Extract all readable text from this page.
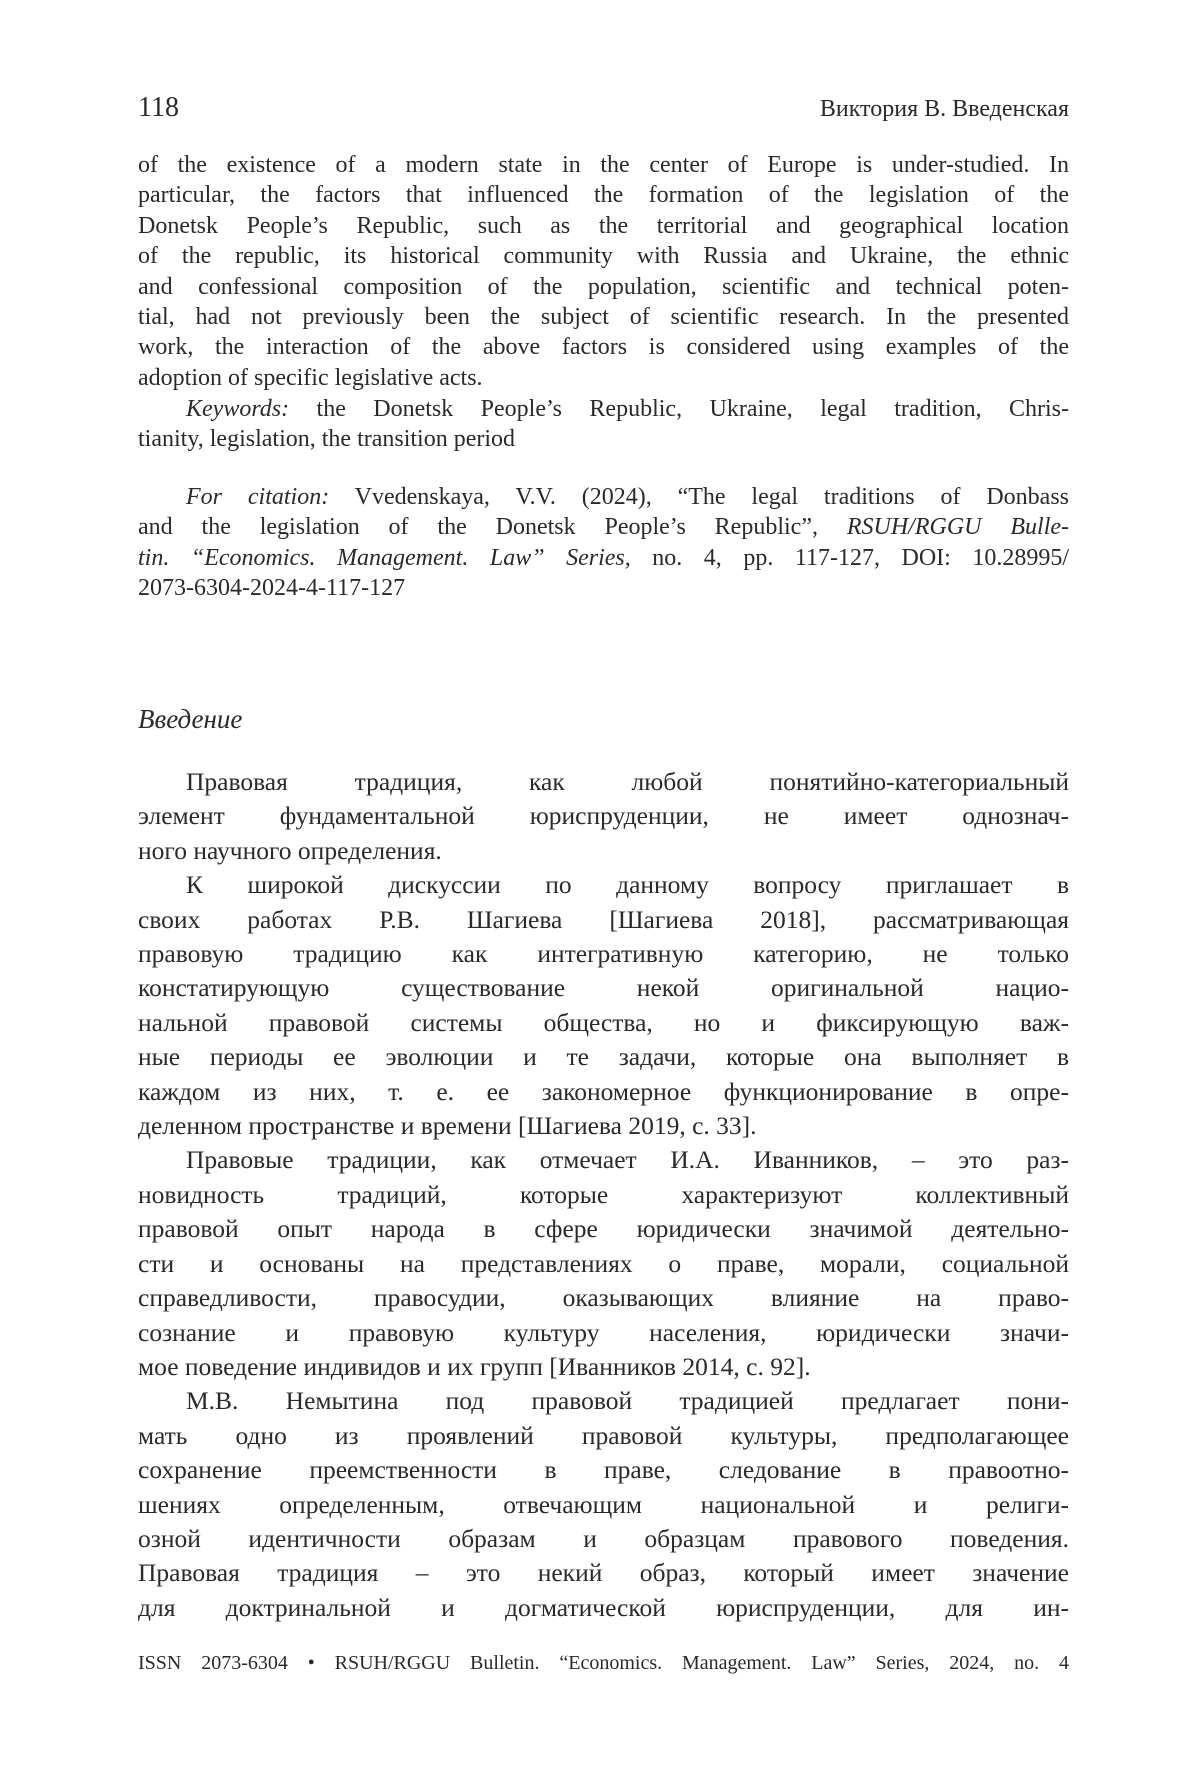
118	Виктория В. Введенская
of the existence of a modern state in the center of Europe is under-studied. In
particular, the factors that influenced the formation of the legislation of the
Donetsk People’s Republic, such as the territorial and geographical location
of the republic, its historical community with Russia and Ukraine, the ethnic
and confessional composition of the population, scientific and technical poten-
tial, had not previously been the subject of scientific research. In the presented
work, the interaction of the above factors is considered using examples of the
adoption of specific legislative acts.
Keywords: the Donetsk People’s Republic, Ukraine, legal tradition, Chris-
tianity, legislation, the transition period
For citation: Vvedenskaya, V.V. (2024), “The legal traditions of Donbass
and the legislation of the Donetsk People’s Republic”, RSUH/RGGU Bulle-
tin. “Economics. Management. Law” Series, no. 4, pp. 117-127, DOI: 10.28995/
2073-6304-2024-4-117-127
Введение
Правовая традиция, как любой понятийно-категориальный
элемент фундаментальной юриспруденции, не имеет однознач-
ного научного определения.
К широкой дискуссии по данному вопросу приглашает в
своих работах Р.В. Шагиева [Шагиева 2018], рассматривающая
правовую традицию как интегративную категорию, не только
констатирующую существование некой оригинальной нацио-
нальной правовой системы общества, но и фиксирующую важ-
ные периоды ее эволюции и те задачи, которые она выполняет в
каждом из них, т. е. ее закономерное функционирование в опре-
деленном пространстве и времени [Шагиева 2019, с. 33].
Правовые традиции, как отмечает И.А. Иванников, – это раз-
новидность традиций, которые характеризуют коллективный
правовой опыт народа в сфере юридически значимой деятельно-
сти и основаны на представлениях о праве, морали, социальной
справедливости, правосудии, оказывающих влияние на право-
сознание и правовую культуру населения, юридически значи-
мое поведение индивидов и их групп [Иванников 2014, с. 92].
М.В. Немытина под правовой традицией предлагает пони-
мать одно из проявлений правовой культуры, предполагающее
сохранение преемственности в праве, следование в правоотно-
шениях определенным, отвечающим национальной и религи-
озной идентичности образам и образцам правового поведения.
Правовая традиция – это некий образ, который имеет значение
для доктринальной и догматической юриспруденции, для ин-
ISSN 2073-6304 • RSUH/RGGU Bulletin. “Economics. Management. Law” Series, 2024, no. 4
